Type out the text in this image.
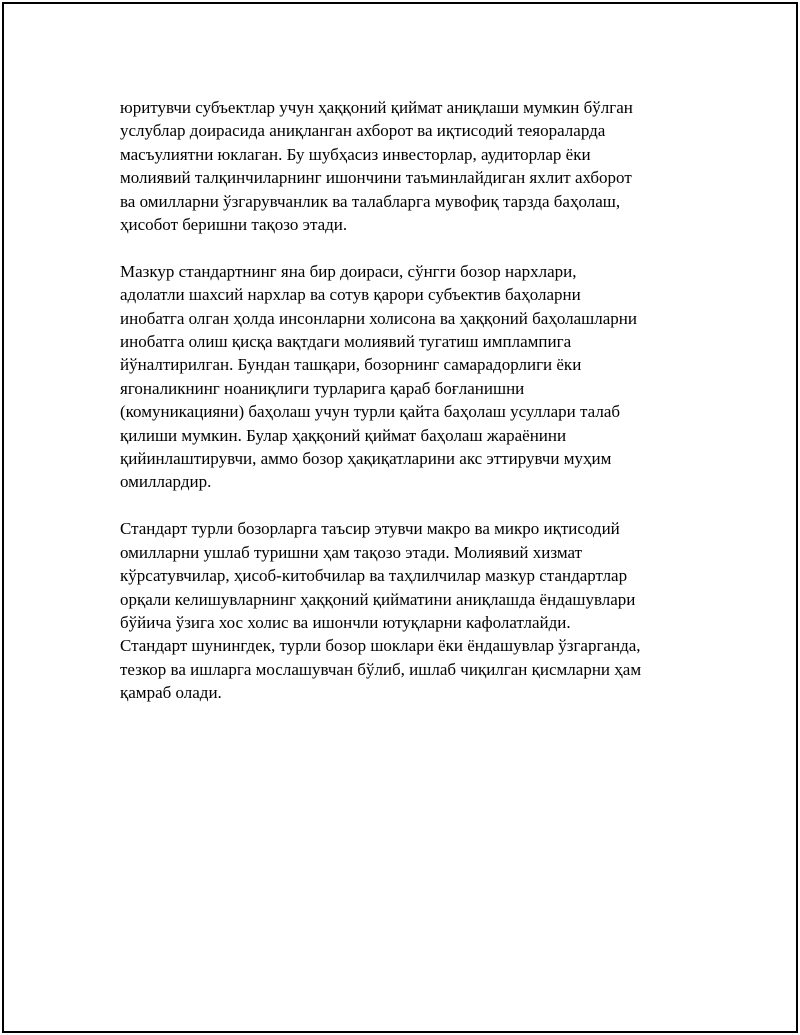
юритувчи субъектлар учун ҳаққоний қиймат аниқлаши мумкин бўлган
услублар доирасида аниқланган ахборот ва иқтисодий теяораларда
масъулиятни юклаган. Бу шубҳасиз инвесторлар, аудиторлар ёки
молиявий талқинчиларнинг ишончини таъминлайдиган яхлит ахборот
ва омилларни ўзгарувчанлик ва талабларга мувофиқ тарзда баҳолаш,
ҳисобот беришни тақозо этади.

Мазкур стандартнинг яна бир доираси, сўнгги бозор нархлари,
адолатли шахсий нархлар ва сотув қарори субъектив баҳоларни
инобатга олган ҳолда инсонларни холисона ва ҳаққоний баҳолашларни
инобатга олиш қисқа вақтдаги молиявий тугатиш имплампига
йўналтирилган. Бундан ташқари, бозорнинг самарадорлиги ёки
ягоналикнинг ноаниқлиги турларига қараб боғланишни
(комуникацияни) баҳолаш учун турли қайта баҳолаш усуллари талаб
қилиши мумкин. Булар ҳаққоний қиймат баҳолаш жараёнини
қийинлаштирувчи, аммо бозор ҳақиқатларини акс эттирувчи муҳим
омиллардир.

Стандарт турли бозорларга таъсир этувчи макро ва микро иқтисодий
омилларни ушлаб туришни ҳам тақозо этади. Молиявий хизмат
кўрсатувчилар, ҳисоб-китобчилар ва таҳлилчилар мазкур стандартлар
орқали келишувларнинг ҳаққоний қийматини аниқлашда ёндашувлари
бўйича ўзига хос холис ва ишончли ютуқларни кафолатлайди.
Стандарт шунингдек, турли бозор шоклари ёки ёндашувлар ўзгарганда,
тезкор ва ишларга мослашувчан бўлиб, ишлаб чиқилган қисмларни ҳам
қамраб олади.
